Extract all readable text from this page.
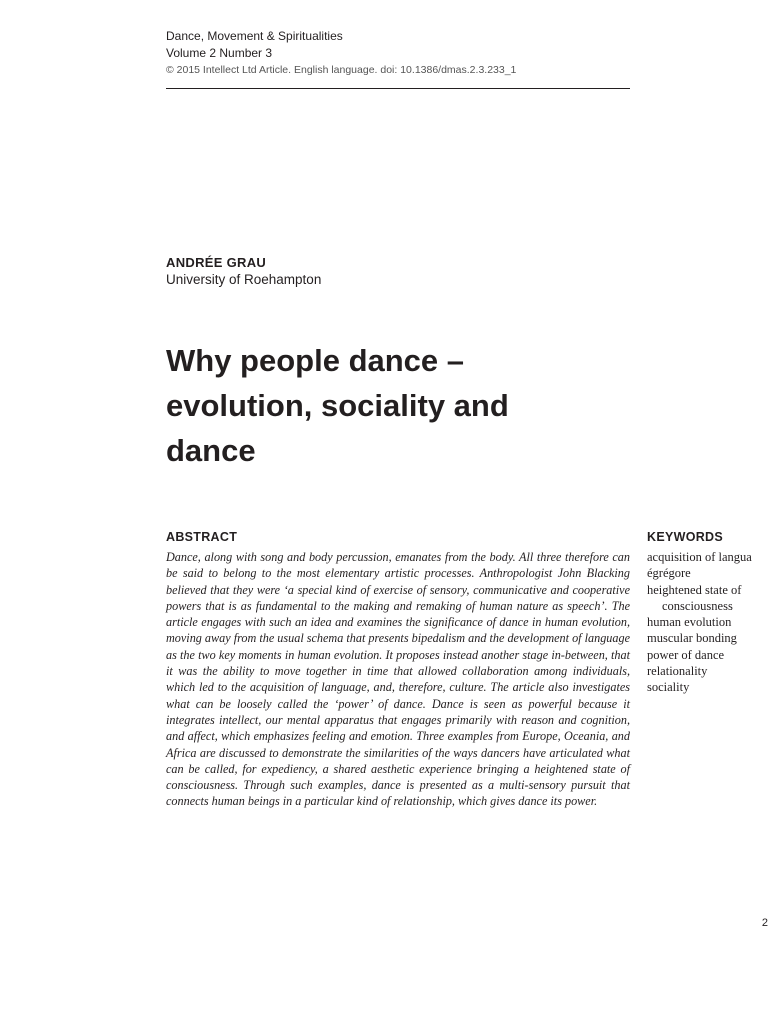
Dance, Movement & Spiritualities
Volume 2 Number 3
© 2015 Intellect Ltd Article. English language. doi: 10.1386/dmas.2.3.233_1
ANDRÉE GRAU
University of Roehampton
Why people dance –
evolution, sociality and
dance
ABSTRACT

Dance, along with song and body percussion, emanates from the body. All three therefore can be said to belong to the most elementary artistic processes. Anthropologist John Blacking believed that they were ‘a special kind of exercise of sensory, communicative and cooperative powers that is as fundamental to the making and remaking of human nature as speech’. The article engages with such an idea and examines the significance of dance in human evolution, moving away from the usual schema that presents bipedalism and the development of language as the two key moments in human evolution. It proposes instead another stage in-between, that it was the ability to move together in time that allowed collaboration among individuals, which led to the acquisition of language, and, therefore, culture. The article also investigates what can be loosely called the ‘power’ of dance. Dance is seen as powerful because it integrates intellect, our mental apparatus that engages primarily with reason and cognition, and affect, which emphasizes feeling and emotion. Three examples from Europe, Oceania, and Africa are discussed to demonstrate the similarities of the ways dancers have articulated what can be called, for expediency, a shared aesthetic experience bringing a heightened state of consciousness. Through such examples, dance is presented as a multi-sensory pursuit that connects human beings in a particular kind of relationship, which gives dance its power.

KEYWORDS
acquisition of langua
égrégore
heightened state of
consciousness
human evolution
muscular bonding
power of dance
relationality
sociality
2
